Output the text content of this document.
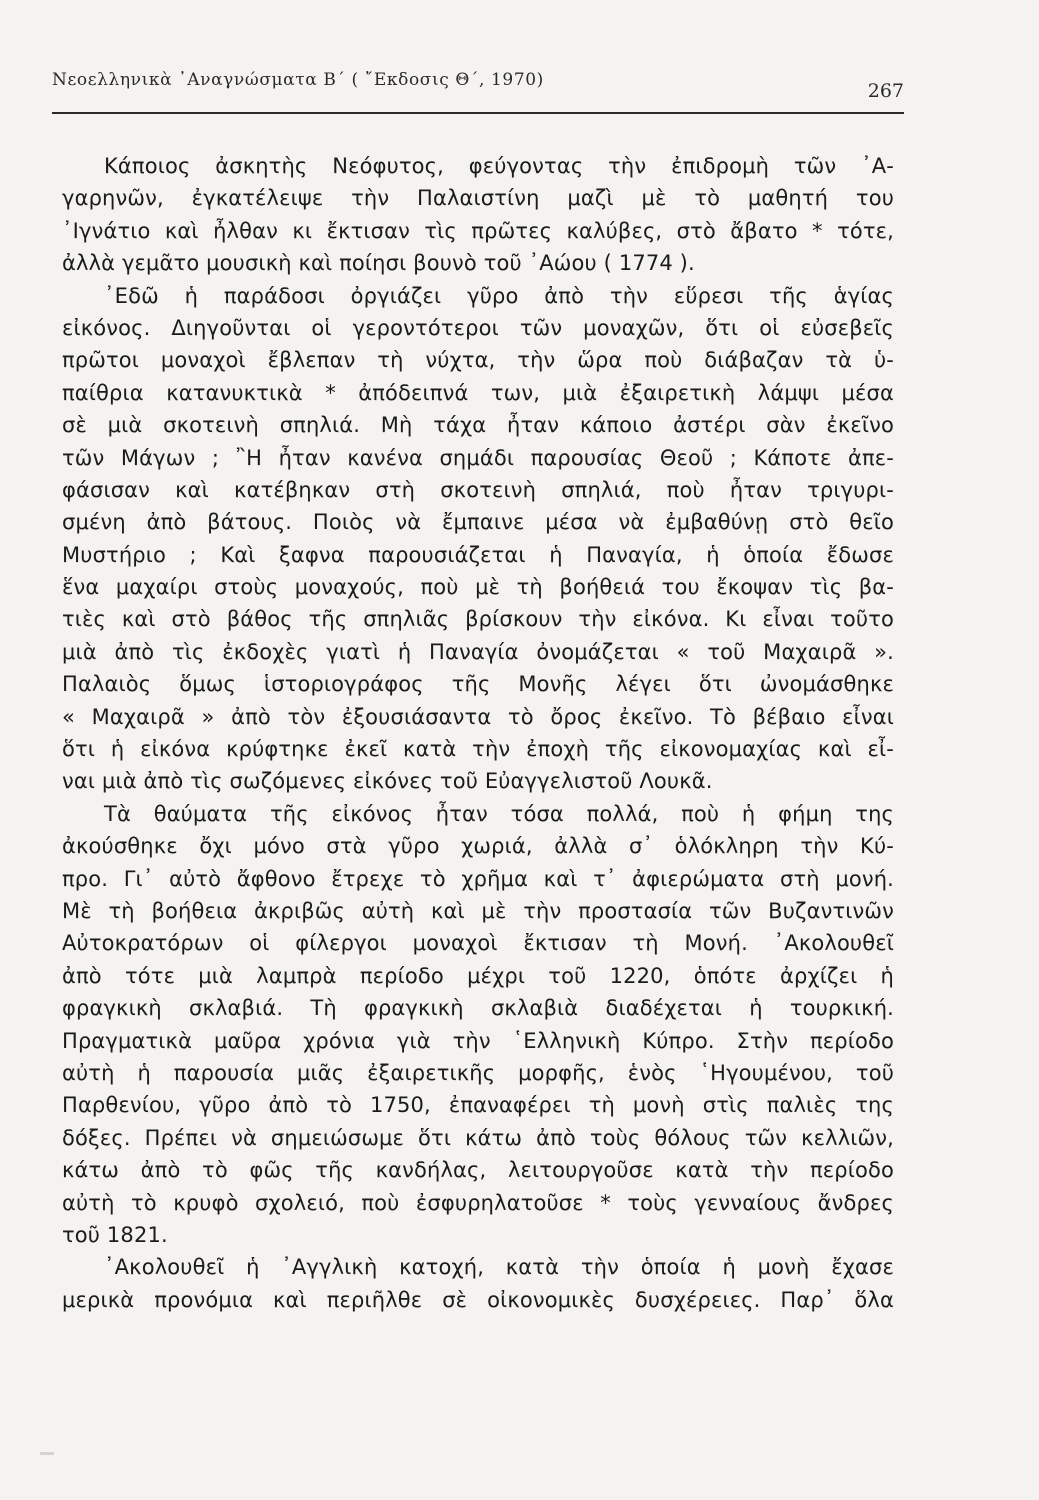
Νεοελληνικὰ ᾿Αναγνώσματα Β΄ ( ῎Εκδοσις Θ΄, 1970)	267
Κάποιος ἀσκητὴς Νεόφυτος, φεύγοντας τὴν ἐπιδρομὴ τῶν ᾿Α-
γαρηνῶν, ἐγκατέλειψε τὴν Παλαιστίνη μαζὶ μὲ τὸ μαθητή του
᾿Ιγνάτιο καὶ ἦλθαν κι ἔκτισαν τὶς πρῶτες καλύβες, στὸ ἄβατο * τότε,
ἀλλὰ γεμᾶτο μουσικὴ καὶ ποίησι βουνὸ τοῦ ᾿Αώου ( 1774 ).
᾿Εδῶ ἡ παράδοσι ὀργιάζει γῦρο ἀπὸ τὴν εὕρεσι τῆς ἁγίας
εἰκόνος. Διηγοῦνται οἱ γεροντότεροι τῶν μοναχῶν, ὅτι οἱ εὐσεβεῖς
πρῶτοι μοναχοὶ ἔβλεπαν τὴ νύχτα, τὴν ὥρα ποὺ διάβαζαν τὰ ὑ-
παίθρια κατανυκτικὰ * ἀπόδειπνά των, μιὰ ἐξαιρετικὴ λάμψι μέσα
σὲ μιὰ σκοτεινὴ σπηλιά. Μὴ τάχα ἦταν κάποιο ἀστέρι σὰν ἐκεῖνο
τῶν Μάγων ; ῍Η ἦταν κανένα σημάδι παρουσίας Θεοῦ ; Κάποτε ἀπε-
φάσισαν καὶ κατέβηκαν στὴ σκοτεινὴ σπηλιά, ποὺ ἦταν τριγυρι-
σμένη ἀπὸ βάτους. Ποιὸς νὰ ἔμπαινε μέσα νὰ ἐμβαθύνῃ στὸ θεῖο
Μυστήριο ; Καὶ ξαφνα παρουσιάζεται ἡ Παναγία, ἡ ὁποία ἔδωσε
ἕνα μαχαίρι στοὺς μοναχούς, ποὺ μὲ τὴ βοήθειά του ἔκοψαν τὶς βα-
τιὲς καὶ στὸ βάθος τῆς σπηλιᾶς βρίσκουν τὴν εἰκόνα. Κι εἶναι τοῦτο
μιὰ ἀπὸ τὶς ἐκδοχὲς γιατὶ ἡ Παναγία ὀνομάζεται « τοῦ Μαχαιρᾶ ».
Παλαιὸς ὅμως ἱστοριογράφος τῆς Μονῆς λέγει ὅτι ὠνομάσθηκε
« Μαχαιρᾶ » ἀπὸ τὸν ἐξουσιάσαντα τὸ ὄρος ἐκεῖνο. Τὸ βέβαιο εἶναι
ὅτι ἡ εἰκόνα κρύφτηκε ἐκεῖ κατὰ τὴν ἐποχὴ τῆς εἰκονομαχίας καὶ εἶ-
ναι μιὰ ἀπὸ τὶς σωζόμενες εἰκόνες τοῦ Εὐαγγελιστοῦ Λουκᾶ.
Τὰ θαύματα τῆς εἰκόνος ἦταν τόσα πολλά, ποὺ ἡ φήμη της
ἀκούσθηκε ὄχι μόνο στὰ γῦρο χωριά, ἀλλὰ σ᾿ ὁλόκληρη τὴν Κύ-
προ. Γι᾿ αὐτὸ ἄφθονο ἔτρεχε τὸ χρῆμα καὶ τ᾿ ἀφιερώματα στὴ μονή.
Μὲ τὴ βοήθεια ἀκριβῶς αὐτὴ καὶ μὲ τὴν προστασία τῶν Βυζαντινῶν
Αὐτοκρατόρων οἱ φίλεργοι μοναχοὶ ἔκτισαν τὴ Μονή. ᾿Ακολουθεῖ
ἀπὸ τότε μιὰ λαμπρὰ περίοδο μέχρι τοῦ 1220, ὁπότε ἀρχίζει ἡ
φραγκικὴ σκλαβιά. Τὴ φραγκικὴ σκλαβιὰ διαδέχεται ἡ τουρκική.
Πραγματικὰ μαῦρα χρόνια γιὰ τὴν ῾Ελληνικὴ Κύπρο. Στὴν περίοδο
αὐτὴ ἡ παρουσία μιᾶς ἐξαιρετικῆς μορφῆς, ἑνὸς ῾Ηγουμένου, τοῦ
Παρθενίου, γῦρο ἀπὸ τὸ 1750, ἐπαναφέρει τὴ μονὴ στὶς παλιὲς της
δόξες. Πρέπει νὰ σημειώσωμε ὅτι κάτω ἀπὸ τοὺς θόλους τῶν κελλιῶν,
κάτω ἀπὸ τὸ φῶς τῆς κανδήλας, λειτουργοῦσε κατὰ τὴν περίοδο
αὐτὴ τὸ κρυφὸ σχολειό, ποὺ ἐσφυρηλατοῦσε * τοὺς γενναίους ἄνδρες
τοῦ 1821.
᾿Ακολουθεῖ ἡ ᾿Αγγλικὴ κατοχή, κατὰ τὴν ὁποία ἡ μονὴ ἔχασε
μερικὰ προνόμια καὶ περιῆλθε σὲ οἰκονομικὲς δυσχέρειες. Παρ᾿ ὅλα
